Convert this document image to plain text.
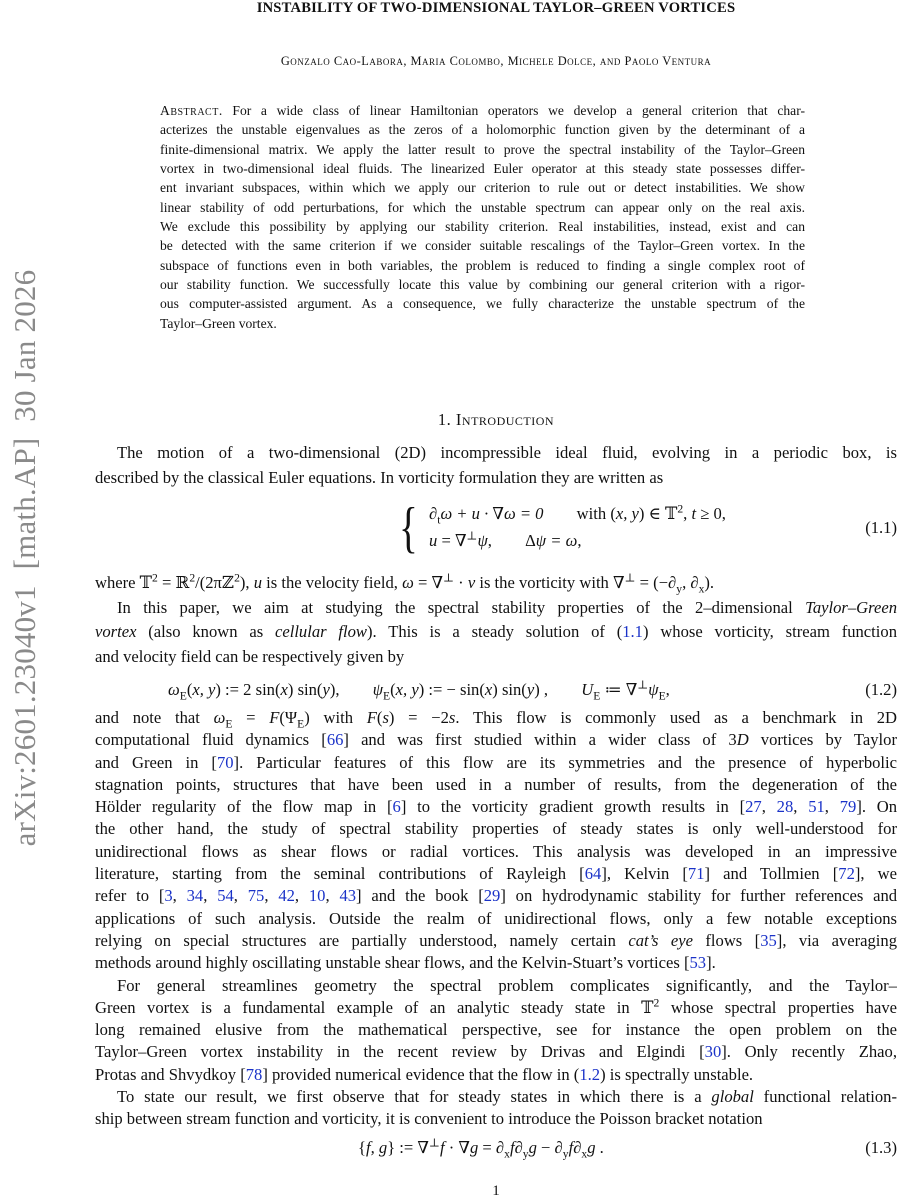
arXiv:2601.23040v1  [math.AP]  30 Jan 2026
INSTABILITY OF TWO-DIMENSIONAL TAYLOR–GREEN VORTICES
Gonzalo Cao-Labora, Maria Colombo, Michele Dolce, and Paolo Ventura
Abstract. For a wide class of linear Hamiltonian operators we develop a general criterion that char-
acterizes the unstable eigenvalues as the zeros of a holomorphic function given by the determinant of a
finite-dimensional matrix. We apply the latter result to prove the spectral instability of the Taylor–Green
vortex in two-dimensional ideal fluids. The linearized Euler operator at this steady state possesses differ-
ent invariant subspaces, within which we apply our criterion to rule out or detect instabilities. We show
linear stability of odd perturbations, for which the unstable spectrum can appear only on the real axis.
We exclude this possibility by applying our stability criterion. Real instabilities, instead, exist and can
be detected with the same criterion if we consider suitable rescalings of the Taylor–Green vortex. In the
subspace of functions even in both variables, the problem is reduced to finding a single complex root of
our stability function. We successfully locate this value by combining our general criterion with a rigor-
ous computer-assisted argument. As a consequence, we fully characterize the unstable spectrum of the
Taylor–Green vortex.
1. Introduction
The motion of a two-dimensional (2D) incompressible ideal fluid, evolving in a periodic box, is
described by the classical Euler equations. In vorticity formulation they are written as
{ $\partial_t\omega + u \cdot \nabla\omega = 0$  with (x, y) ∈ 𝕋$^2$, t ≥ 0,
u = ∇⊥ψ,  Δψ = ω,
(1.1)
where 𝕋$^2$ = ℝ$^2$/(2πℤ$^2$), u is the velocity field, ω = ∇⊥ · v is the vorticity with $\nabla^\perp = (-\partial_y$, $\partial_x$).
In this paper, we aim at studying the spectral stability properties of the 2–dimensional Taylor–Green
vortex (also known as cellular flow). This is a steady solution of (1.1) whose vorticity, stream function
and velocity field can be respectively given by
$\omega_E(x$, y) := 2 sin(x) sin(y),  $\psi_E(x$, y) := − sin(x) sin(y) ,  $U_E$ ≔ $\nabla^\perp\psi_E$,	(1.2)
and note that $\omega_E = F(\Psi_E)$ with F(s) = −2s. This flow is commonly used as a benchmark in 2D
computational fluid dynamics [66] and was first studied within a wider class of 3D vortices by Taylor
and Green in [70]. Particular features of this flow are its symmetries and the presence of hyperbolic
stagnation points, structures that have been used in a number of results, from the degeneration of the
Hölder regularity of the flow map in [6] to the vorticity gradient growth results in [27, 28, 51, 79]. On
the other hand, the study of spectral stability properties of steady states is only well-understood for
unidirectional flows as shear flows or radial vortices. This analysis was developed in an impressive
literature, starting from the seminal contributions of Rayleigh [64], Kelvin [71] and Tollmien [72], we
refer to [3, 34, 54, 75, 42, 10, 43] and the book [29] on hydrodynamic stability for further references and
applications of such analysis. Outside the realm of unidirectional flows, only a few notable exceptions
relying on special structures are partially understood, namely certain cat’s eye flows [35], via averaging
methods around highly oscillating unstable shear flows, and the Kelvin-Stuart’s vortices [53].
For general streamlines geometry the spectral problem complicates significantly, and the Taylor–
Green vortex is a fundamental example of an analytic steady state in 𝕋$^2$ whose spectral properties have
long remained elusive from the mathematical perspective, see for instance the open problem on the
Taylor–Green vortex instability in the recent review by Drivas and Elgindi [30]. Only recently Zhao,
Protas and Shvydkoy [78] provided numerical evidence that the flow in (1.2) is spectrally unstable.
To state our result, we first observe that for steady states in which there is a global functional relation-
ship between stream function and vorticity, it is convenient to introduce the Poisson bracket notation
{f, g} := $\nabla^\perp f \cdot \nabla g = \partial_xf\partial_yg - \partial_yf\partial_xg$ .	(1.3)
1
